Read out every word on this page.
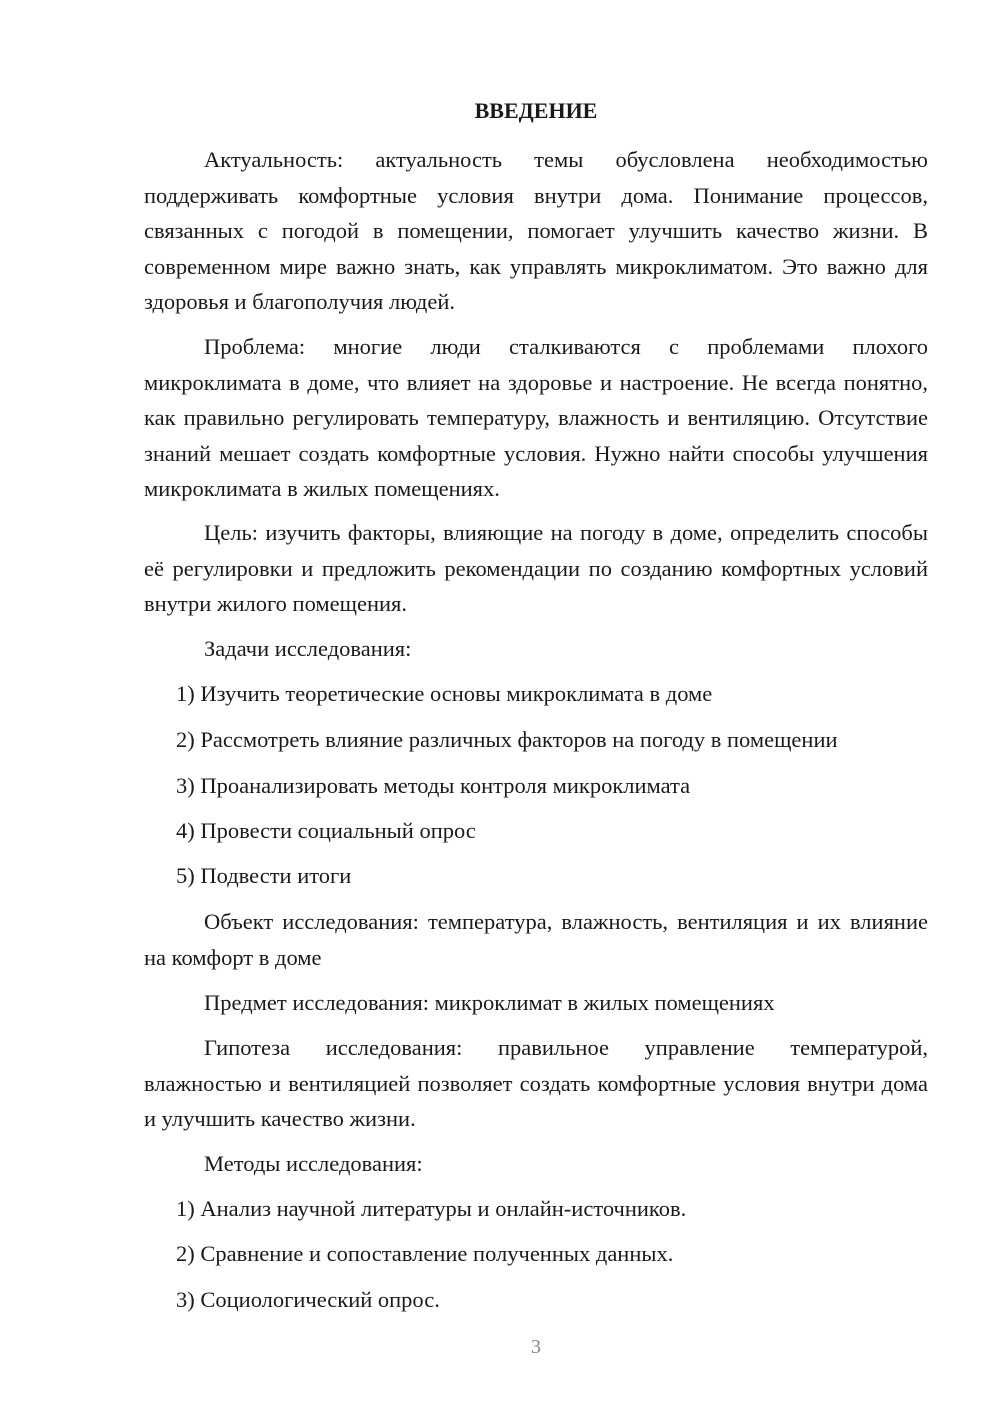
ВВЕДЕНИЕ

Актуальность: актуальность темы обусловлена необходимостью поддерживать комфортные условия внутри дома. Понимание процессов, связанных с погодой в помещении, помогает улучшить качество жизни. В современном мире важно знать, как управлять микроклиматом. Это важно для здоровья и благополучия людей.

Проблема: многие люди сталкиваются с проблемами плохого микроклимата в доме, что влияет на здоровье и настроение. Не всегда понятно, как правильно регулировать температуру, влажность и вентиляцию. Отсутствие знаний мешает создать комфортные условия. Нужно найти способы улучшения микроклимата в жилых помещениях.

Цель: изучить факторы, влияющие на погоду в доме, определить способы её регулировки и предложить рекомендации по созданию комфортных условий внутри жилого помещения.

Задачи исследования:

1) Изучить теоретические основы микроклимата в доме

2) Рассмотреть влияние различных факторов на погоду в помещении

3) Проанализировать методы контроля микроклимата

4) Провести социальный опрос

5) Подвести итоги

Объект исследования: температура, влажность, вентиляция и их влияние на комфорт в доме

Предмет исследования: микроклимат в жилых помещениях

Гипотеза исследования: правильное управление температурой, влажностью и вентиляцией позволяет создать комфортные условия внутри дома и улучшить качество жизни.

Методы исследования:

1) Анализ научной литературы и онлайн-источников.

2) Сравнение и сопоставление полученных данных.

3) Социологический опрос.

3
